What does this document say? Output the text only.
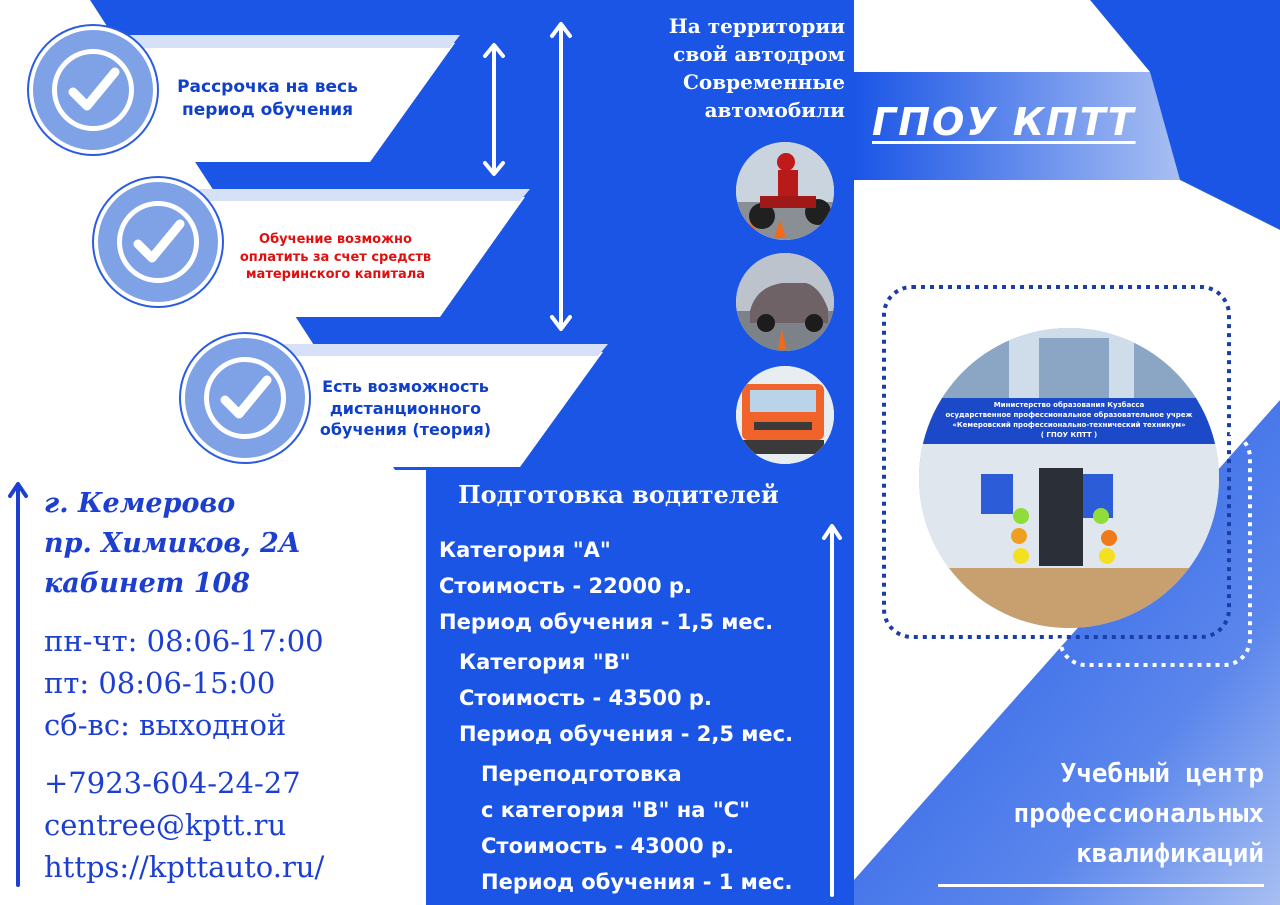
Рассрочка на весь
период обучения
Обучение возможно
оплатить за счет средств
материнского капитала
Есть возможность
дистанционного
обучения (теория)
г. Кемерово
пр. Химиков, 2А
кабинет 108
пн-чт: 08:06-17:00
пт: 08:06-15:00
сб-вс: выходной
+7923-604-24-27
centree@kptt.ru
https://kpttauto.ru/
На территории
свой автодром
Современные
автомобили
Подготовка водителей
Категория "А"
Стоимость - 22000 р.
Период обучения - 1,5 мес.
Категория "В"
Стоимость - 43500 р.
Период обучения - 2,5 мес.
Переподготовка
с категория "В" на "С"
Стоимость - 43000 р.
Период обучения - 1 мес.
ГПОУ КПТТ
Министерство образования Кузбасса
осударственное профессиональное образовательное учреж
«Кемеровский профессионально-технический техникум»
( ГПОУ КПТТ )
Учебный центр
профессиональных
квалификаций
